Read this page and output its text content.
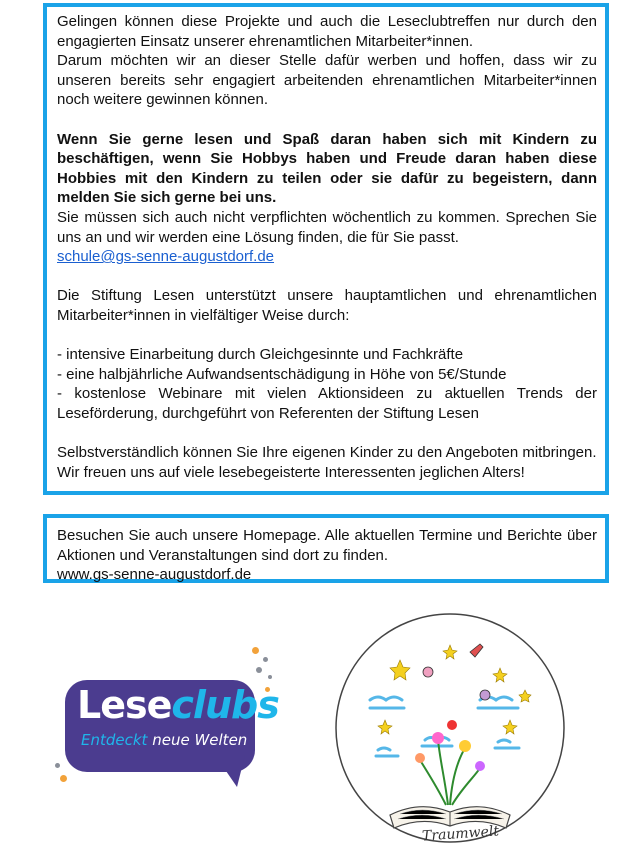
Gelingen können diese Projekte und auch die Leseclubtreffen nur durch den engagierten Einsatz unserer ehrenamtlichen Mitarbeiter*innen.

Darum möchten wir an dieser Stelle dafür werben und hoffen, dass wir zu unseren bereits sehr engagiert arbeitenden ehrenamtlichen Mitarbeiter*innen noch weitere gewinnen können.

Wenn Sie gerne lesen und Spaß daran haben sich mit Kindern zu beschäftigen, wenn Sie Hobbys haben und Freude daran haben diese Hobbies mit den Kindern zu teilen oder sie dafür zu begeistern, dann melden Sie sich gerne bei uns.

Sie müssen sich auch nicht verpflichten wöchentlich zu kommen. Sprechen Sie uns an und wir werden eine Lösung finden, die für Sie passt.

schule@gs-senne-augustdorf.de

Die Stiftung Lesen unterstützt unsere hauptamtlichen und ehrenamtlichen Mitarbeiter*innen in vielfältiger Weise durch:

- intensive Einarbeitung durch Gleichgesinnte und Fachkräfte

- eine halbjährliche Aufwandsentschädigung in Höhe von 5€/Stunde

- kostenlose Webinare mit vielen Aktionsideen zu aktuellen Trends der Leseförderung, durchgeführt von Referenten der Stiftung Lesen

Selbstverständlich können Sie Ihre eigenen Kinder zu den Angeboten mitbringen.

Wir freuen uns auf viele lesebegeisterte Interessenten jeglichen Alters!

Besuchen Sie auch unsere Homepage. Alle aktuellen Termine und Berichte über Aktionen und Veranstaltungen sind dort zu finden.

www.gs-senne-augustdorf.de

Leseclubs
Entdeckt neue Welten
Traumwelt
